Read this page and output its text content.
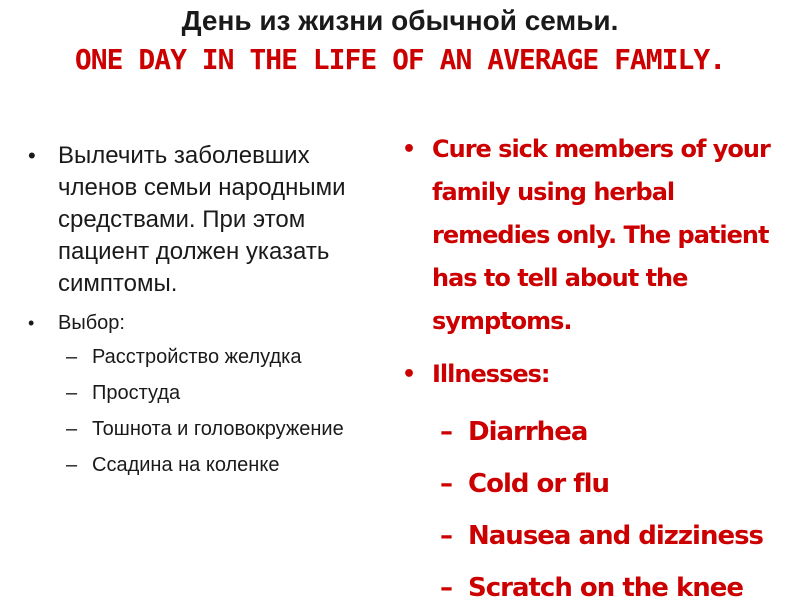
День из жизни обычной семьи.
ONE DAY IN THE LIFE OF AN AVERAGE FAMILY.
• Вылечить заболевших членов семьи народными средствами. При этом пациент должен указать симптомы.
• Выбор:
– Расстройство желудка
– Простуда
– Тошнота и головокружение
– Ссадина на коленке
• Cure sick members of your family using herbal remedies only. The patient has to tell about the symptoms.
• Illnesses:
– Diarrhea
– Cold or flu
– Nausea and dizziness
– Scratch on the knee
